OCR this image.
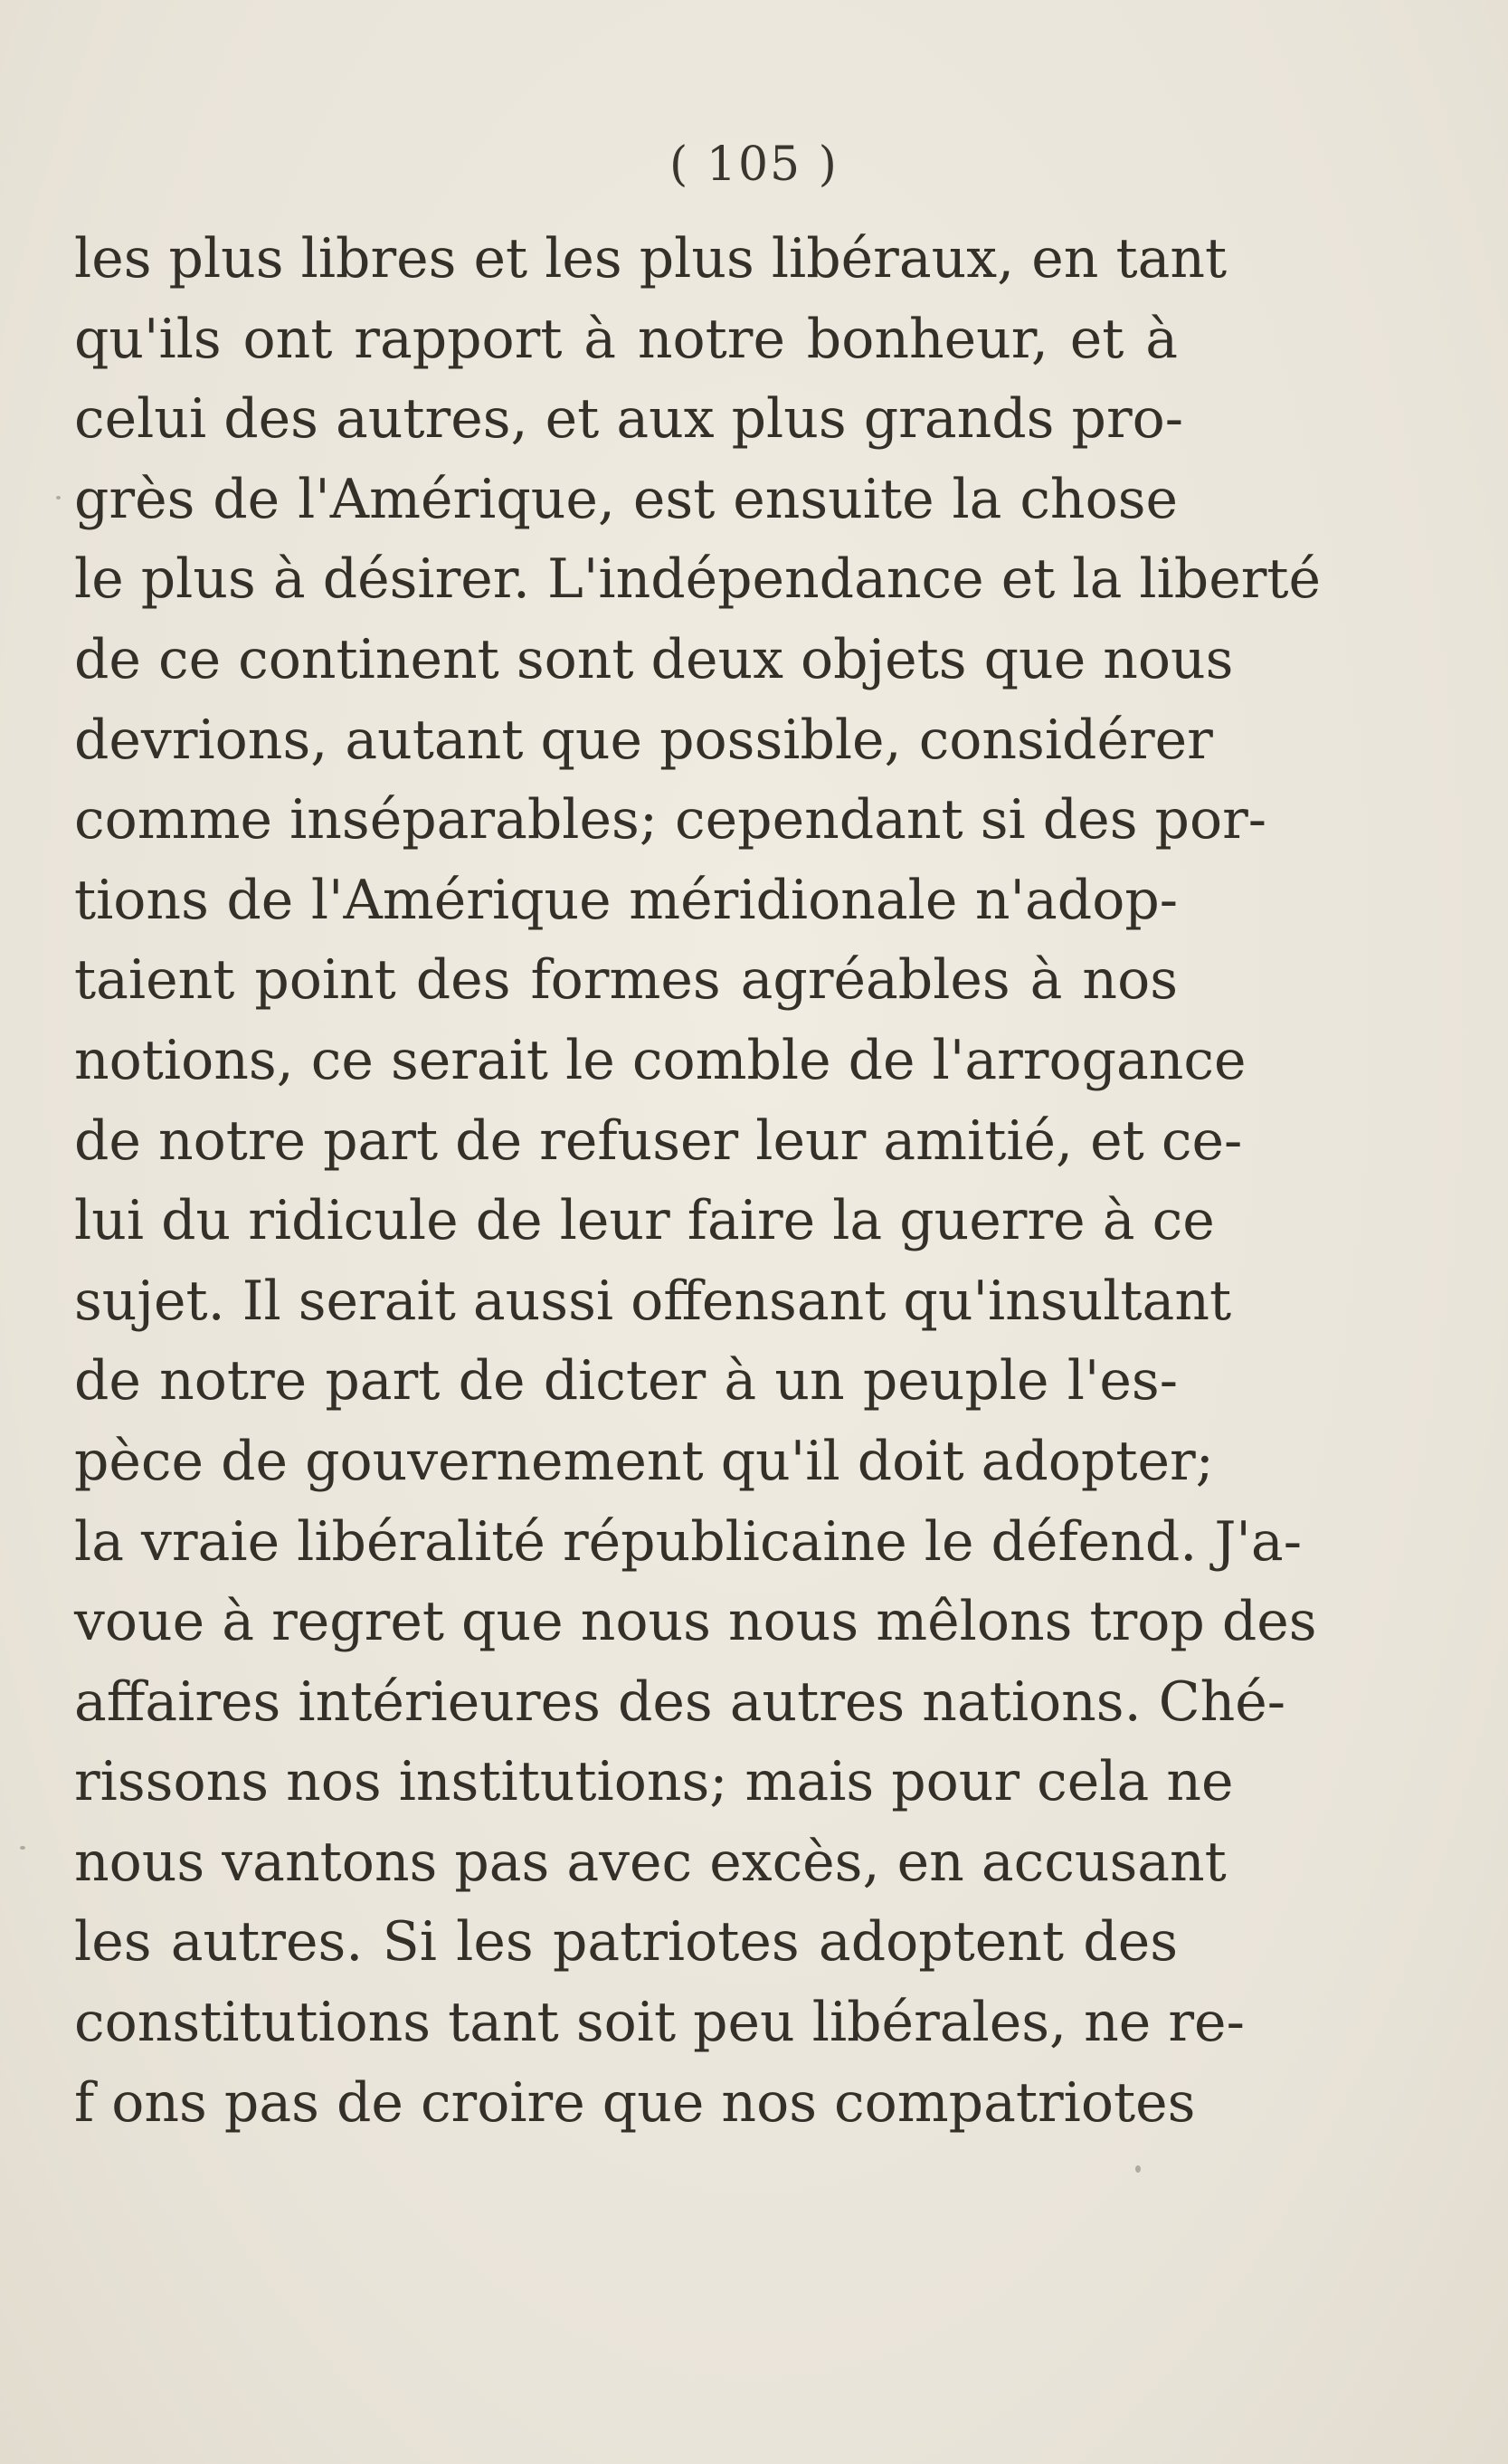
( 105 )
les plus libres et les plus libéraux, en tant
qu'ils ont rapport à notre bonheur, et à
celui des autres, et aux plus grands pro-
grès de l'Amérique, est ensuite la chose
le plus à désirer. L'indépendance et la liberté
de ce continent sont deux objets que nous
devrions, autant que possible, considérer
comme inséparables; cependant si des por-
tions de l'Amérique méridionale n'adop-
taient point des formes agréables à nos
notions, ce serait le comble de l'arrogance
de notre part de refuser leur amitié, et ce-
lui du ridicule de leur faire la guerre à ce
sujet. Il serait aussi offensant qu'insultant
de notre part de dicter à un peuple l'es-
pèce de gouvernement qu'il doit adopter;
la vraie libéralité républicaine le défend. J'a-
voue à regret que nous nous mêlons trop des
affaires intérieures des autres nations. Ché-
rissons nos institutions; mais pour cela ne
nous vantons pas avec excès, en accusant
les autres. Si les patriotes adoptent des
constitutions tant soit peu libérales, ne re-
f ons pas de croire que nos compatriotes
